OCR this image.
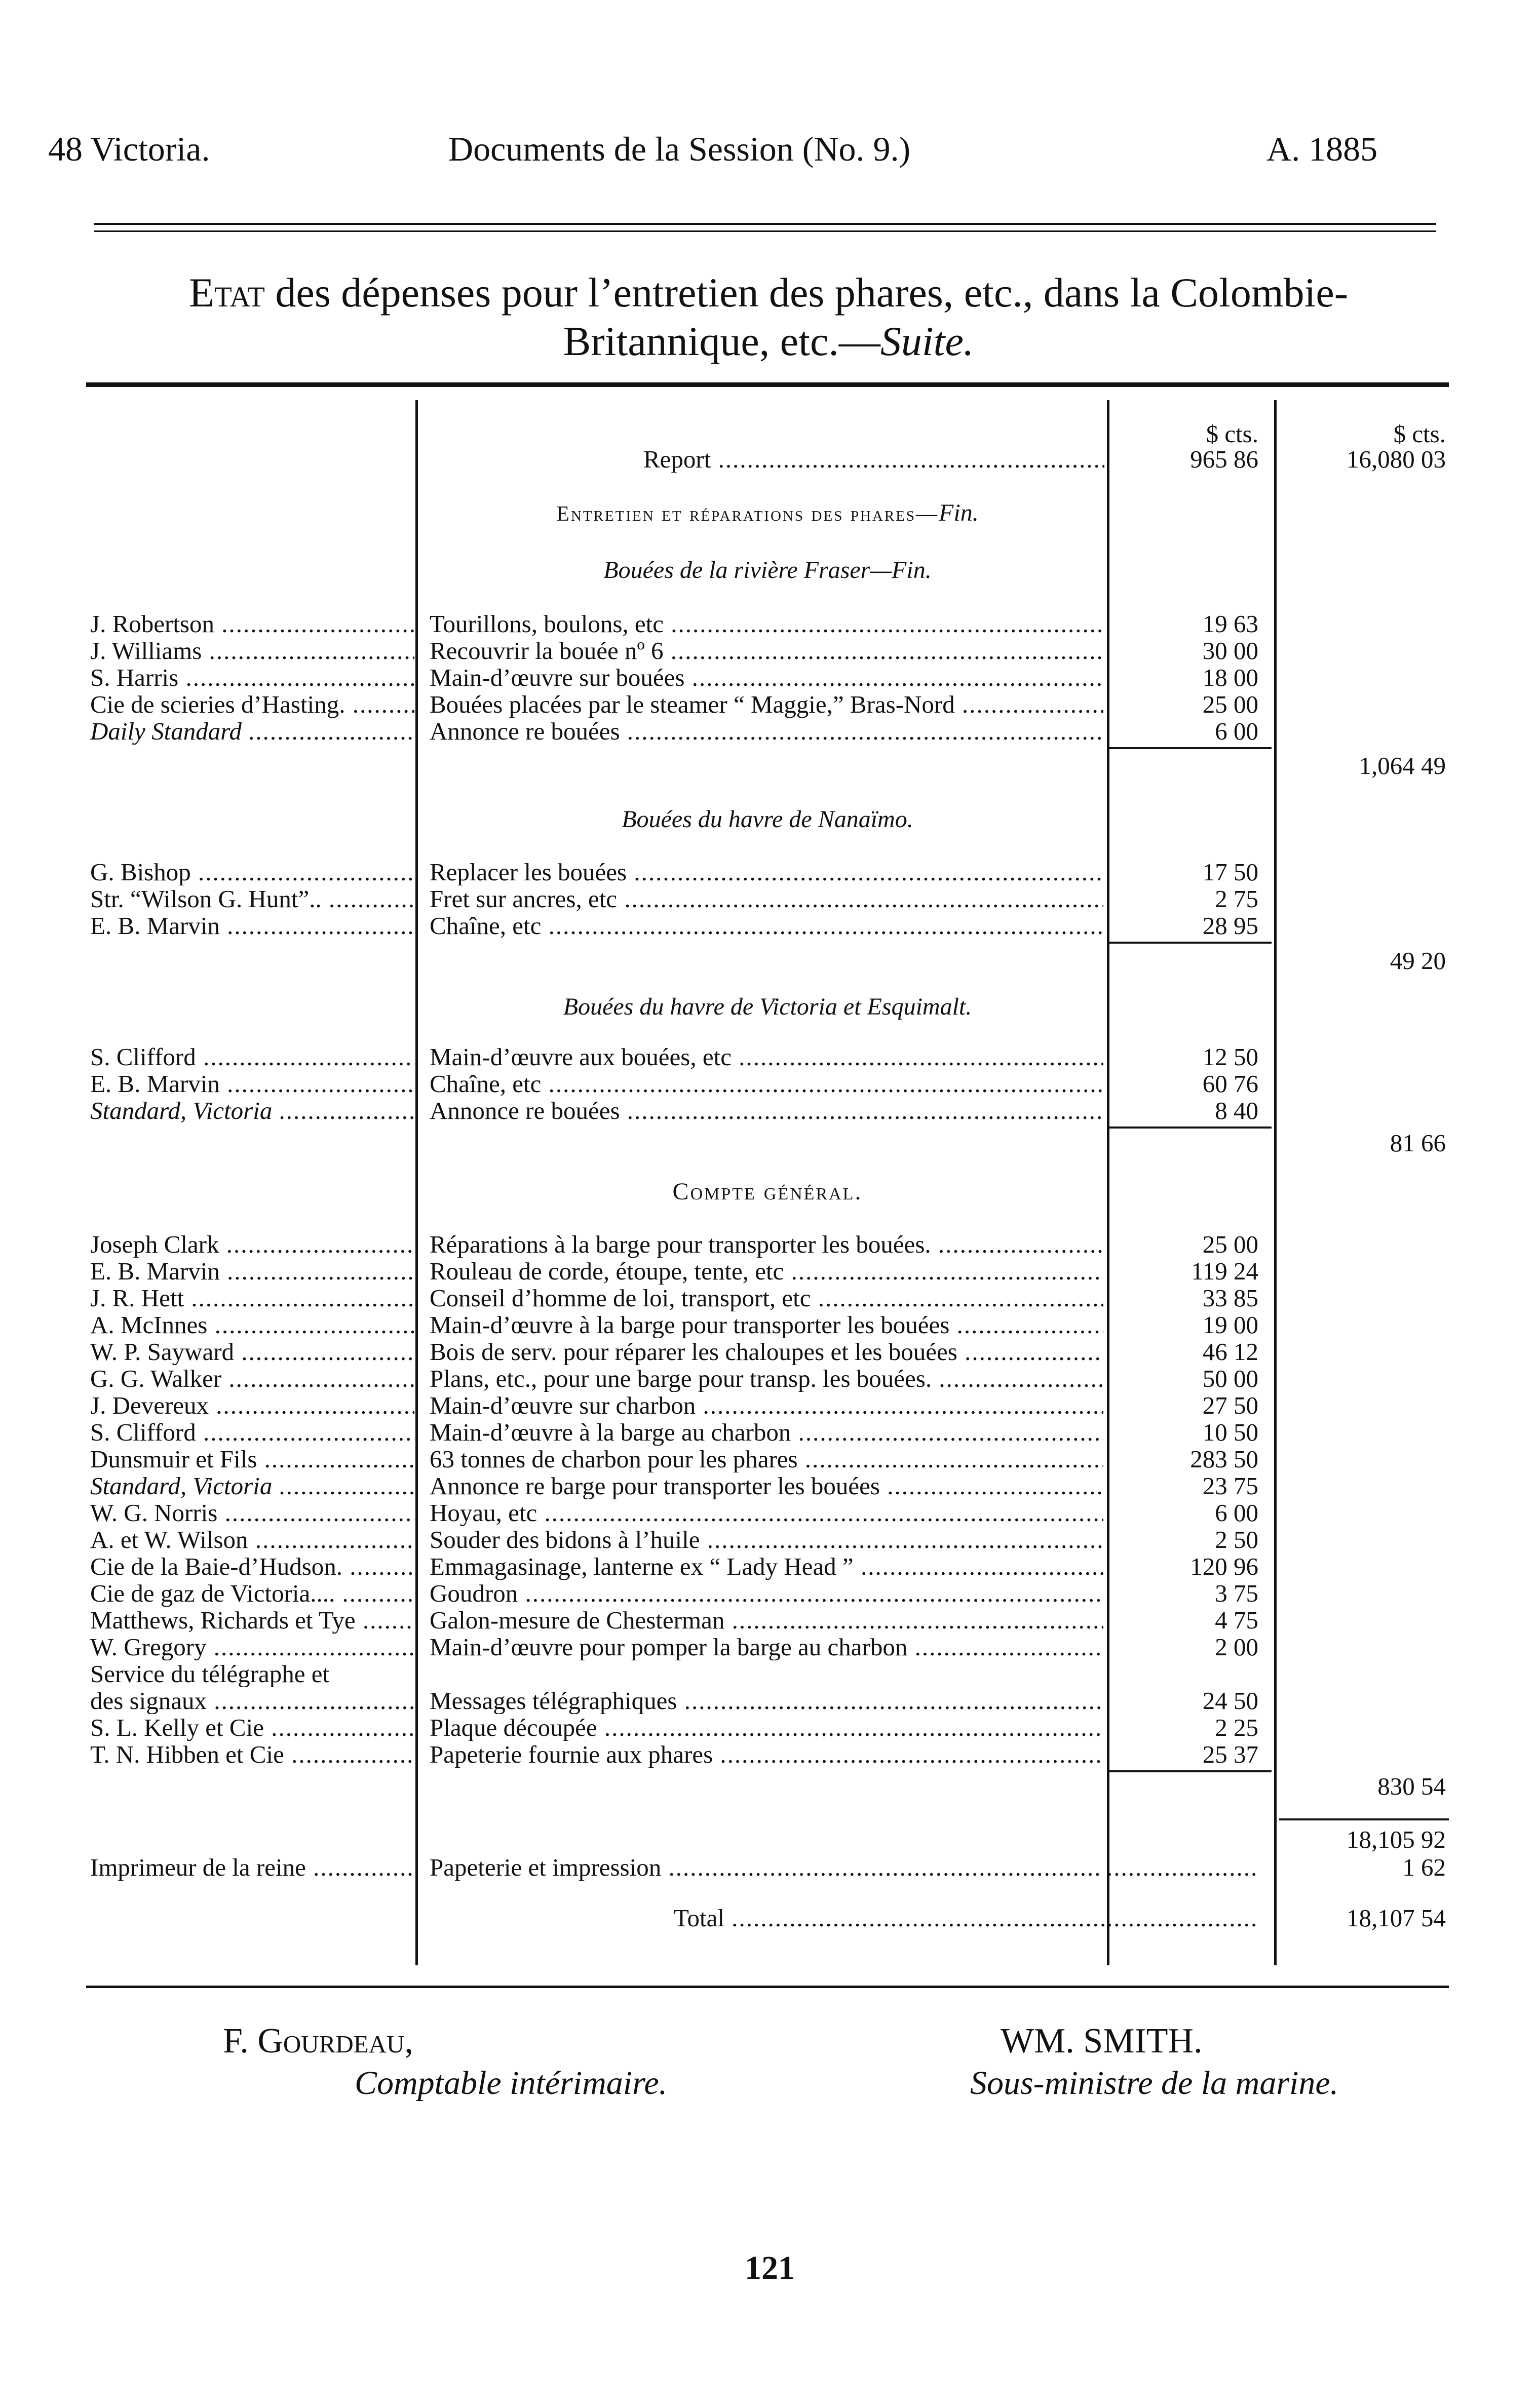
48 Victoria.	Documents de la Session (No. 9.)	A. 1885
Etat des dépenses pour l’entretien des phares, etc., dans la Colombie-
Britannique, etc.—Suite.
$ cts.	$ cts.
Report .....	965 86	16,080 03
Entretien et réparations des phares—Fin.
Bouées de la rivière Fraser—Fin.
J. Robertson .....	Tourillons, boulons, etc .....	19 63
J. Williams .....	Recouvrir la bouée nº 6 .....	30 00
S. Harris .....	Main-d’œuvre sur bouées .....	18 00
Cie de scieries d’Hasting. .....	Bouées placées par le steamer “ Maggie,” Bras-Nord .....	25 00
Daily Standard .....	Annonce re bouées .....	6 00
1,064 49
Bouées du havre de Nanaïmo.
G. Bishop .....	Replacer les bouées .....	17 50
Str. “Wilson G. Hunt”.. .....	Fret sur ancres, etc .....	2 75
E. B. Marvin .....	Chaîne, etc .....	28 95
49 20
Bouées du havre de Victoria et Esquimalt.
S. Clifford .....	Main-d’œuvre aux bouées, etc .....	12 50
E. B. Marvin .....	Chaîne, etc .....	60 76
Standard, Victoria .....	Annonce re bouées .....	8 40
81 66
Compte général.
Joseph Clark .....	Réparations à la barge pour transporter les bouées. .....	25 00
E. B. Marvin .....	Rouleau de corde, étoupe, tente, etc .....	119 24
J. R. Hett .....	Conseil d’homme de loi, transport, etc .....	33 85
A. McInnes .....	Main-d’œuvre à la barge pour transporter les bouées .....	19 00
W. P. Sayward .....	Bois de serv. pour réparer les chaloupes et les bouées .....	46 12
G. G. Walker .....	Plans, etc., pour une barge pour transp. les bouées. .....	50 00
J. Devereux .....	Main-d’œuvre sur charbon .....	27 50
S. Clifford .....	Main-d’œuvre à la barge au charbon .....	10 50
Dunsmuir et Fils .....	63 tonnes de charbon pour les phares .....	283 50
Standard, Victoria .....	Annonce re barge pour transporter les bouées .....	23 75
W. G. Norris .....	Hoyau, etc .....	6 00
A. et W. Wilson .....	Souder des bidons à l’huile .....	2 50
Cie de la Baie-d’Hudson. .....	Emmagasinage, lanterne ex “ Lady Head ” .....	120 96
Cie de gaz de Victoria.... .....	Goudron .....	3 75
Matthews, Richards et Tye .....	Galon-mesure de Chesterman .....	4 75
W. Gregory .....	Main-d’œuvre pour pomper la barge au charbon .....	2 00
Service du télégraphe et
des signaux .....	Messages télégraphiques .....	24 50
S. L. Kelly et Cie .....	Plaque découpée .....	2 25
T. N. Hibben et Cie .....	Papeterie fournie aux phares .....	25 37
830 54
18,105 92
Imprimeur de la reine .....	Papeterie et impression ..... .....	1 62
Total ..... .....	18,107 54
F. Gourdeau,
Comptable intérimaire.
WM. SMITH.
Sous-ministre de la marine.
121
